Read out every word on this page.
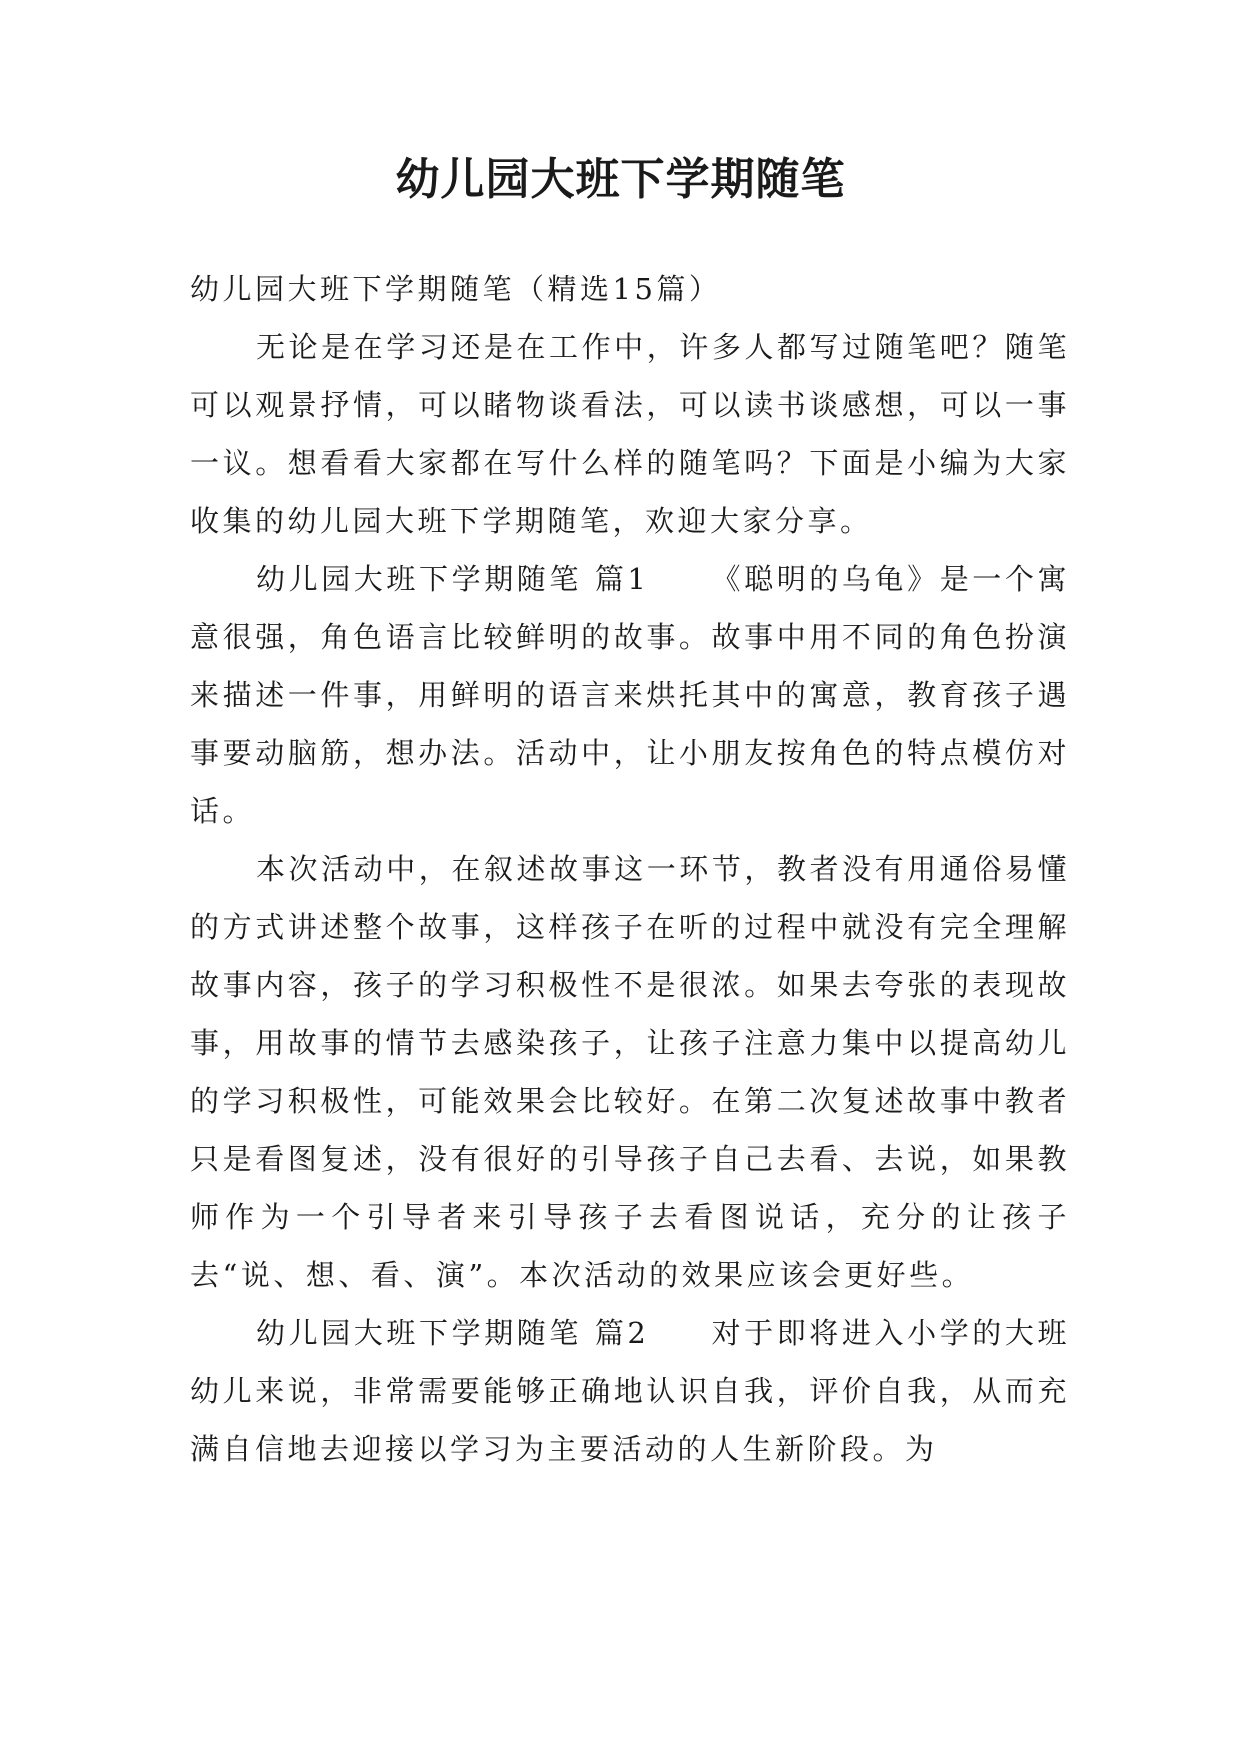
幼儿园大班下学期随笔

幼儿园大班下学期随笔（精选15篇）

无论是在学习还是在工作中，许多人都写过随笔吧？随笔可以观景抒情，可以睹物谈看法，可以读书谈感想，可以一事一议。想看看大家都在写什么样的随笔吗？下面是小编为大家收集的幼儿园大班下学期随笔，欢迎大家分享。

幼儿园大班下学期随笔 篇1 《聪明的乌龟》是一个寓意很强，角色语言比较鲜明的故事。故事中用不同的角色扮演来描述一件事，用鲜明的语言来烘托其中的寓意，教育孩子遇事要动脑筋，想办法。活动中，让小朋友按角色的特点模仿对话。

本次活动中，在叙述故事这一环节，教者没有用通俗易懂的方式讲述整个故事，这样孩子在听的过程中就没有完全理解故事内容，孩子的学习积极性不是很浓。如果去夸张的表现故事，用故事的情节去感染孩子，让孩子注意力集中以提高幼儿的学习积极性，可能效果会比较好。在第二次复述故事中教者只是看图复述，没有很好的引导孩子自己去看、去说，如果教师作为一个引导者来引导孩子去看图说话，充分的让孩子去“说、想、看、演”。本次活动的效果应该会更好些。

幼儿园大班下学期随笔 篇2 对于即将进入小学的大班幼儿来说，非常需要能够正确地认识自我，评价自我，从而充满自信地去迎接以学习为主要活动的人生新阶段。为
